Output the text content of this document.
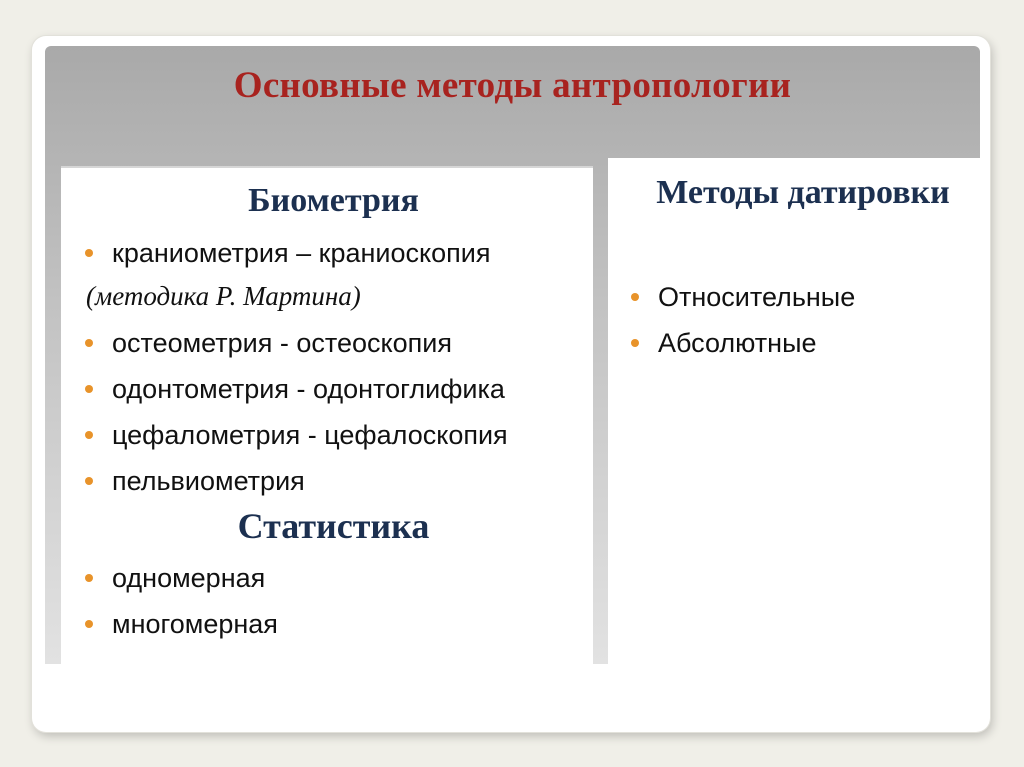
Основные методы антропологии
Биометрия
краниометрия – краниоскопия

(методика Р. Мартина)

остеометрия - остеоскопия
одонтометрия - одонтоглифика
цефалометрия - цефалоскопия
пельвиометрия
Статистика
одномерная
многомерная
Методы датировки
Относительные
Абсолютные
